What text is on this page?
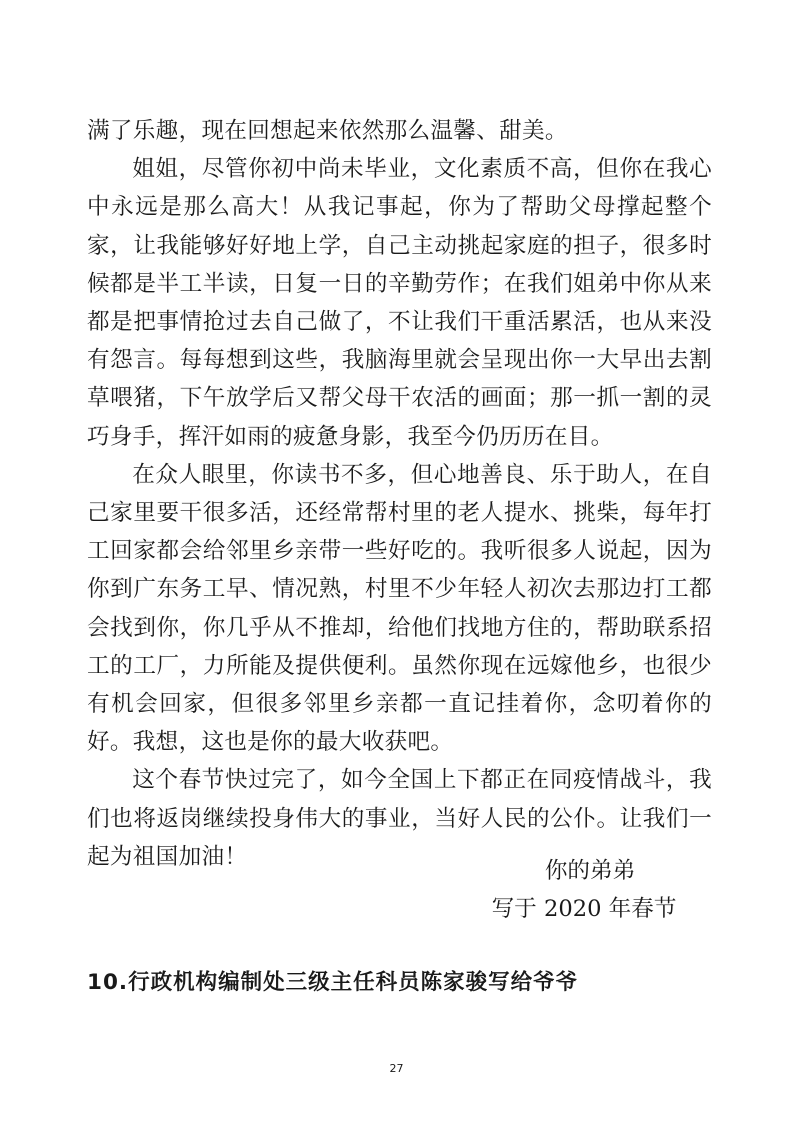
满了乐趣，现在回想起来依然那么温馨、甜美。

姐姐，尽管你初中尚未毕业，文化素质不高，但你在我心中永远是那么高大！从我记事起，你为了帮助父母撑起整个家，让我能够好好地上学，自己主动挑起家庭的担子，很多时候都是半工半读，日复一日的辛勤劳作；在我们姐弟中你从来都是把事情抢过去自己做了，不让我们干重活累活，也从来没有怨言。每每想到这些，我脑海里就会呈现出你一大早出去割草喂猪，下午放学后又帮父母干农活的画面；那一抓一割的灵巧身手，挥汗如雨的疲惫身影，我至今仍历历在目。

在众人眼里，你读书不多，但心地善良、乐于助人，在自己家里要干很多活，还经常帮村里的老人提水、挑柴，每年打工回家都会给邻里乡亲带一些好吃的。我听很多人说起，因为你到广东务工早、情况熟，村里不少年轻人初次去那边打工都会找到你，你几乎从不推却，给他们找地方住的，帮助联系招工的工厂，力所能及提供便利。虽然你现在远嫁他乡，也很少有机会回家，但很多邻里乡亲都一直记挂着你，念叨着你的好。我想，这也是你的最大收获吧。

这个春节快过完了，如今全国上下都正在同疫情战斗，我们也将返岗继续投身伟大的事业，当好人民的公仆。让我们一起为祖国加油！

你的弟弟
写于 2020 年春节
10.行政机构编制处三级主任科员陈家骏写给爷爷
27
